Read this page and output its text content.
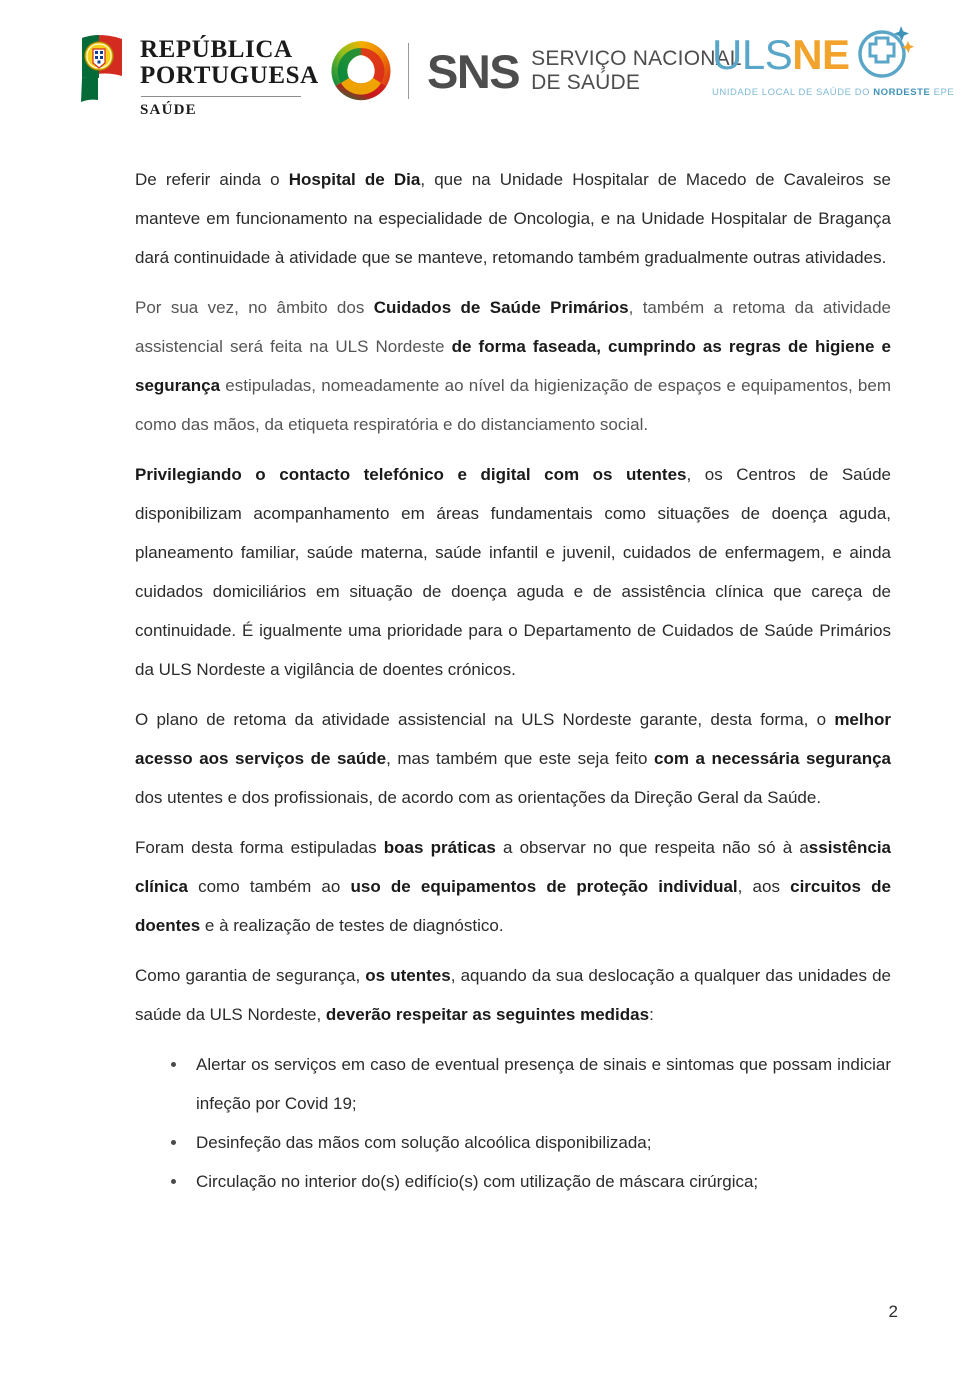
REPÚBLICA
PORTUGUESA
SAÚDE
SNS SERVIÇO NACIONAL
DE SAÚDE
ULS NE
UNIDADE LOCAL DE SAÚDE DO NORDESTE EPE

De referir ainda o Hospital de Dia, que na Unidade Hospitalar de Macedo de Cavaleiros se manteve em funcionamento na especialidade de Oncologia, e na Unidade Hospitalar de Bragança dará continuidade à atividade que se manteve, retomando também gradualmente outras atividades.

Por sua vez, no âmbito dos Cuidados de Saúde Primários, também a retoma da atividade assistencial será feita na ULS Nordeste de forma faseada, cumprindo as regras de higiene e segurança estipuladas, nomeadamente ao nível da higienização de espaços e equipamentos, bem como das mãos, da etiqueta respiratória e do distanciamento social.

Privilegiando o contacto telefónico e digital com os utentes, os Centros de Saúde disponibilizam acompanhamento em áreas fundamentais como situações de doença aguda, planeamento familiar, saúde materna, saúde infantil e juvenil, cuidados de enfermagem, e ainda cuidados domiciliários em situação de doença aguda e de assistência clínica que careça de continuidade. É igualmente uma prioridade para o Departamento de Cuidados de Saúde Primários da ULS Nordeste a vigilância de doentes crónicos.

O plano de retoma da atividade assistencial na ULS Nordeste garante, desta forma, o melhor acesso aos serviços de saúde, mas também que este seja feito com a necessária segurança dos utentes e dos profissionais, de acordo com as orientações da Direção Geral da Saúde.

Foram desta forma estipuladas boas práticas a observar no que respeita não só à assistência clínica como também ao uso de equipamentos de proteção individual, aos circuitos de doentes e à realização de testes de diagnóstico.

Como garantia de segurança, os utentes, aquando da sua deslocação a qualquer das unidades de saúde da ULS Nordeste, deverão respeitar as seguintes medidas:

Alertar os serviços em caso de eventual presença de sinais e sintomas que possam indiciar infeção por Covid 19;
Desinfeção das mãos com solução alcoólica disponibilizada;
Circulação no interior do(s) edifício(s) com utilização de máscara cirúrgica;
2
